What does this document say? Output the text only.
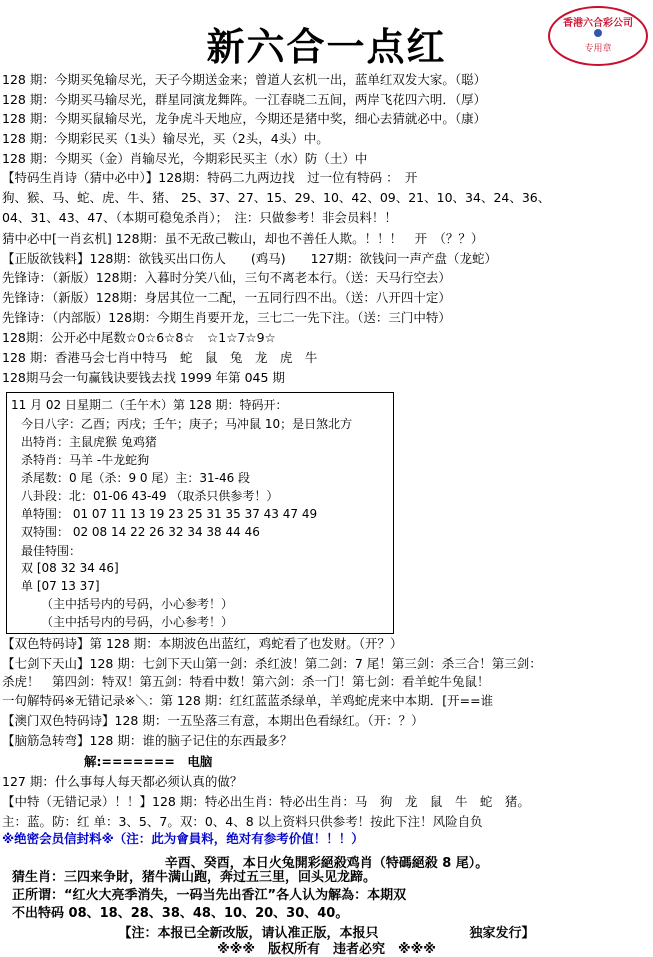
新六合一点红
香港六合彩公司
专用章
128 期：今期买兔输尽光，天子今期送金来；曾道人玄机一出，蓝单红双发大家。（聪）
128 期：今期买马输尽光，群星同演龙舞阵。一江春晓二五间，两岸飞花四六明．（厚）
128 期：今期买鼠输尽光，龙争虎斗天地应，今期还是猪中奖，细心去猜就必中。（康）
128 期：今期彩民买（1头）输尽光，买（2头，4头）中。
128 期：今期买（金）肖输尽光，今期彩民买主（水）防（土）中
【特码生肖诗（猜中必中）】128期：特码二九两边找　过一位有特码 ：　开
狗、猴、马、蛇、虎、牛、猪、 25、37、27、15、29、10、42、09、21、10、34、24、36、
04、31、43、47、（本期可稳兔杀肖）；　注：只做参考！非会员料！！
猜中必中[一肖玄机] 128期：虽不无敌己鞍山，却也不善任人欺。！！！　开　（？？）
【正版欲钱料】128期：欲钱买出口伤人　　(鸡马)　　127期：欲钱问一声产盘（龙蛇）
先锋诗：（新版）128期：入暮时分笑八仙，三句不离老本行。（送：天马行空去）
先锋诗：（新版）128期：身居其位一二配，一五同行四不出。（送：八开四十定）
先锋诗：（内部版）128期：今期生肖要开龙，三七二一先下注。（送：三门中特）
128期：公开必中尾数☆0☆6☆8☆　☆1☆7☆9☆
128 期：香港马会七肖中特马　蛇　鼠　兔　龙　虎　牛
128期马会一句赢钱诀要钱去找 1999 年第 045 期
11 月 02 日星期二（壬午木）第 128 期：特码开：
今日八字：乙酉；丙戌；壬午；庚子；马冲鼠 10；是日煞北方
出特肖：主鼠虎猴 兔鸡猪
杀特肖：马羊 -牛龙蛇狗
杀尾数：0 尾（杀：9 0 尾）主：31-46 段
八卦段：北：01-06 43-49 （取杀只供参考！）
单特围： 01 07 11 13 19 23 25 31 35 37 43 47 49
双特围： 02 08 14 22 26 32 34 38 44 46
最佳特围：
双 [08 32 34 46]
单 [07 13 37]
（主中括号内的号码，小心参考！）
（主中括号内的号码，小心参考！）
【双色特码诗】第 128 期：本期波色出蓝红，鸡蛇看了也发财。（开？）
【七剑下天山】128 期：七剑下天山第一剑：杀红波！第二剑：7 尾！第三剑：杀三合！第三剑：
杀虎！　第四剑：特双！第五剑：特看中数！第六剑：杀一门！第七剑：看羊蛇牛兔鼠！
一句解特码※无错记录※＼：第 128 期：红红蓝蓝杀绿单，羊鸡蛇虎来中本期．[开==谁
【澳门双色特码诗】128 期：一五坠落三有意，本期出色看绿红。（开：？）
【脑筋急转弯】128 期：谁的脑子记住的东西最多？
解:=======　电脑
127 期：什么事每人每天都必须认真的做？
【中特（无错记录）！！】128 期：特必出生肖：特必出生肖：马　狗　龙　鼠　牛　蛇　猪。
主：蓝。防：红 单：3、5、7。双：0、4、8 以上资料只供参考！按此下注！风险自负
※绝密会员信封料※（注：此为會員料，绝对有参考价值！！！）
辛酉、癸酉，本日火兔開彩絕殺鸡肖（特碼絕殺 8 尾）。
猜生肖：三四来争財，猪牛满山跑，奔过五三里，回头见龙蹄。
正所谓：“红火大亮季消失，一码当先出香江”各人认为解為：本期双
不出特码 08、18、28、38、48、10、20、30、40。
【注：本报已全新改版，请认准正版，本报只　　　　　　　独家发行】
※※※　版权所有　违者必究　※※※
